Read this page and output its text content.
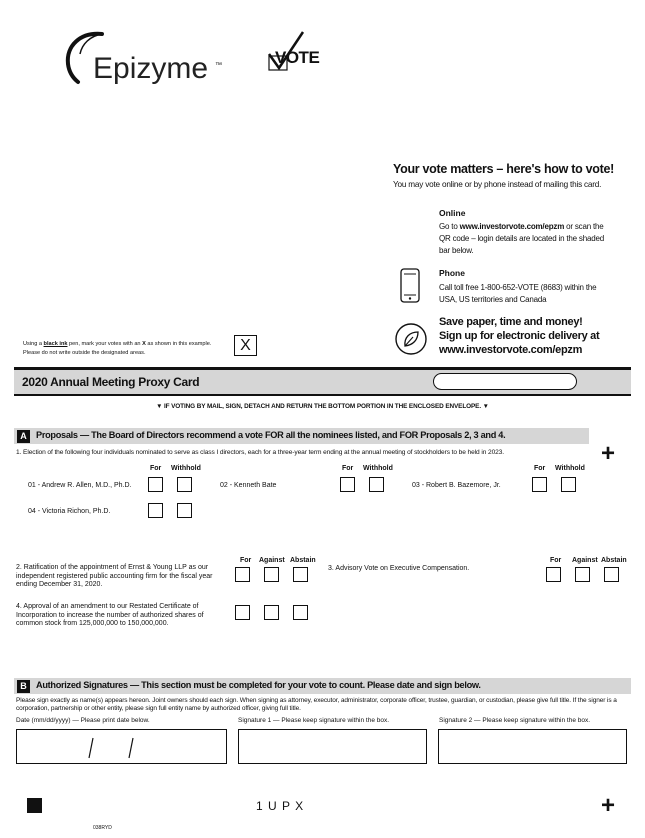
Epizyme ™	VOTE
Your vote matters – here's how to vote!
You may vote online or by phone instead of mailing this card.
Online
Go to www.investorvote.com/epzm or scan the QR code – login details are located in the shaded bar below.
Phone
Call toll free 1-800-652-VOTE (8683) within the USA, US territories and Canada
Save paper, time and money!
Sign up for electronic delivery at
www.investorvote.com/epzm
Using a black ink pen, mark your votes with an X as shown in this example.
Please do not write outside the designated areas.	X
2020 Annual Meeting Proxy Card
▼ IF VOTING BY MAIL, SIGN, DETACH AND RETURN THE BOTTOM PORTION IN THE ENCLOSED ENVELOPE. ▼
A	Proposals — The Board of Directors recommend a vote FOR all the nominees listed, and FOR Proposals 2, 3 and 4.
1. Election of the following four individuals nominated to serve as class I directors, each for a three-year term ending at the annual meeting of stockholders to be held in 2023.	+
For Withhold	For Withhold	For Withhold
01 - Andrew R. Allen, M.D., Ph.D.	02 - Kenneth Bate	03 - Robert B. Bazemore, Jr.
04 - Victoria Richon, Ph.D.
For Against Abstain	For Against Abstain
2. Ratification of the appointment of Ernst & Young LLP as our independent registered public accounting firm for the fiscal year ending December 31, 2020.
3. Advisory Vote on Executive Compensation.
4. Approval of an amendment to our Restated Certificate of Incorporation to increase the number of authorized shares of common stock from 125,000,000 to 150,000,000.
B	Authorized Signatures — This section must be completed for your vote to count. Please date and sign below.
Please sign exactly as name(s) appears hereon. Joint owners should each sign. When signing as attorney, executor, administrator, corporate officer, trustee, guardian, or custodian, please give full title. If the signer is a corporation, partnership or other entity, please sign full entity name by authorized officer, giving full title.
Date (mm/dd/yyyy) — Please print date below.	Signature 1 — Please keep signature within the box.	Signature 2 — Please keep signature within the box.
1 U P X	+
038RYD
